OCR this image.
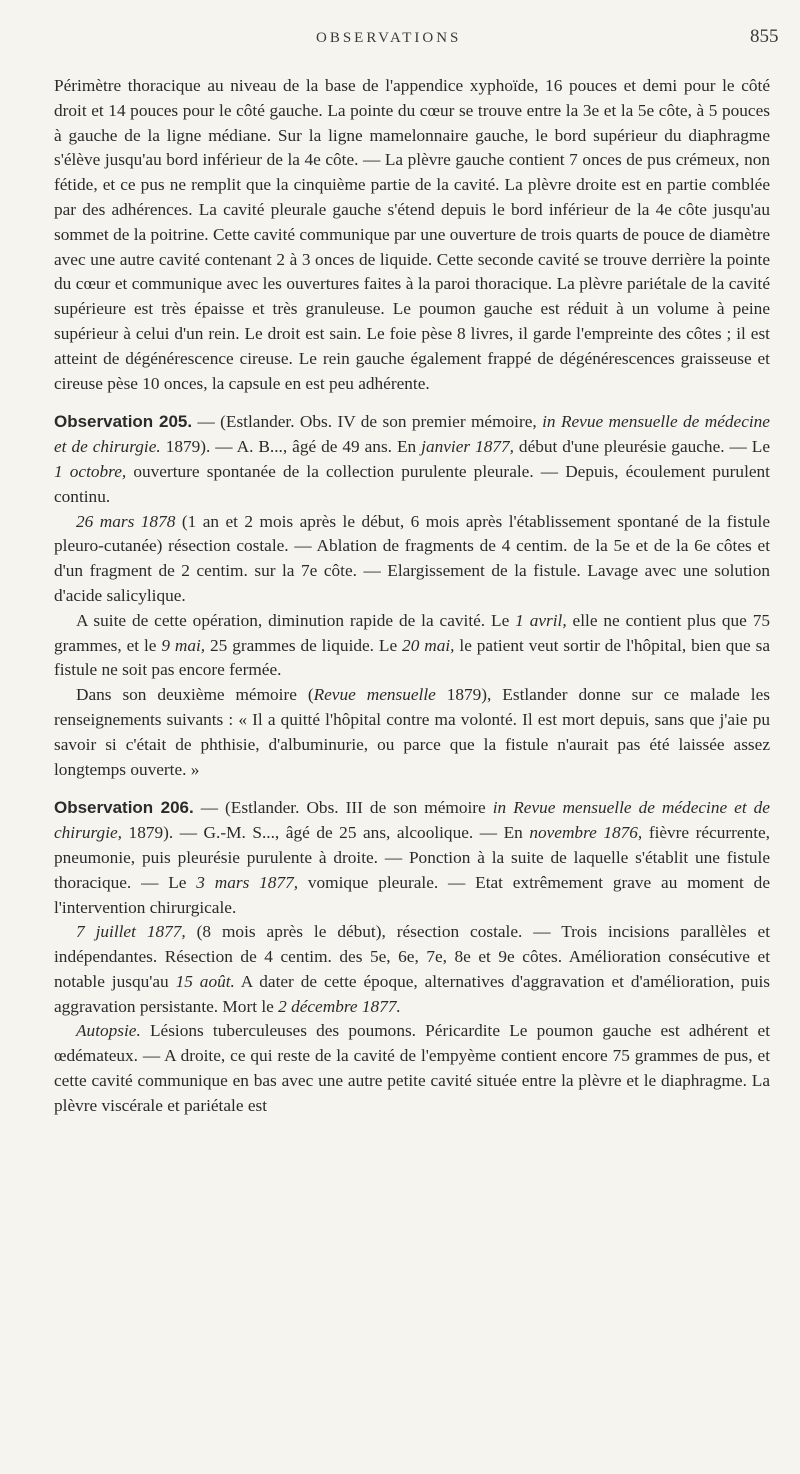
OBSERVATIONS	855

Périmètre thoracique au niveau de la base de l'appendice xyphoïde, 16 pouces et demi pour le côté droit et 14 pouces pour le côté gauche. La pointe du cœur se trouve entre la 3e et la 5e côte, à 5 pouces à gauche de la ligne médiane. Sur la ligne mamelonnaire gauche, le bord supérieur du diaphragme s'élève jusqu'au bord inférieur de la 4e côte. — La plèvre gauche contient 7 onces de pus crémeux, non fétide, et ce pus ne remplit que la cinquième partie de la cavité. La plèvre droite est en partie comblée par des adhérences. La cavité pleurale gauche s'étend depuis le bord inférieur de la 4e côte jusqu'au sommet de la poitrine. Cette cavité communique par une ouverture de trois quarts de pouce de diamètre avec une autre cavité contenant 2 à 3 onces de liquide. Cette seconde cavité se trouve derrière la pointe du cœur et communique avec les ouvertures faites à la paroi thoracique. La plèvre pariétale de la cavité supérieure est très épaisse et très granuleuse. Le poumon gauche est réduit à un volume à peine supérieur à celui d'un rein. Le droit est sain. Le foie pèse 8 livres, il garde l'empreinte des côtes ; il est atteint de dégénérescence cireuse. Le rein gauche également frappé de dégénérescences graisseuse et cireuse pèse 10 onces, la capsule en est peu adhérente.

Observation 205. — (Estlander. Obs. IV de son premier mémoire, in Revue mensuelle de médecine et de chirurgie. 1879). — A. B..., âgé de 49 ans. En janvier 1877, début d'une pleurésie gauche. — Le 1 octobre, ouverture spontanée de la collection purulente pleurale. — Depuis, écoulement purulent continu.

26 mars 1878 (1 an et 2 mois après le début, 6 mois après l'établissement spontané de la fistule pleuro-cutanée) résection costale. — Ablation de fragments de 4 centim. de la 5e et de la 6e côtes et d'un fragment de 2 centim. sur la 7e côte. — Elargissement de la fistule. Lavage avec une solution d'acide salicylique.

A suite de cette opération, diminution rapide de la cavité. Le 1 avril, elle ne contient plus que 75 grammes, et le 9 mai, 25 grammes de liquide. Le 20 mai, le patient veut sortir de l'hôpital, bien que sa fistule ne soit pas encore fermée.

Dans son deuxième mémoire (Revue mensuelle 1879), Estlander donne sur ce malade les renseignements suivants : « Il a quitté l'hôpital contre ma volonté. Il est mort depuis, sans que j'aie pu savoir si c'était de phthisie, d'albuminurie, ou parce que la fistule n'aurait pas été laissée assez longtemps ouverte. »

Observation 206. — (Estlander. Obs. III de son mémoire in Revue mensuelle de médecine et de chirurgie, 1879). — G.-M. S..., âgé de 25 ans, alcoolique. — En novembre 1876, fièvre récurrente, pneumonie, puis pleurésie purulente à droite. — Ponction à la suite de laquelle s'établit une fistule thoracique. — Le 3 mars 1877, vomique pleurale. — Etat extrêmement grave au moment de l'intervention chirurgicale.

7 juillet 1877, (8 mois après le début), résection costale. — Trois incisions parallèles et indépendantes. Résection de 4 centim. des 5e, 6e, 7e, 8e et 9e côtes. Amélioration consécutive et notable jusqu'au 15 août. A dater de cette époque, alternatives d'aggravation et d'amélioration, puis aggravation persistante. Mort le 2 décembre 1877.

Autopsie. Lésions tuberculeuses des poumons. Péricardite Le poumon gauche est adhérent et œdémateux. — A droite, ce qui reste de la cavité de l'empyème contient encore 75 grammes de pus, et cette cavité communique en bas avec une autre petite cavité située entre la plèvre et le diaphragme. La plèvre viscérale et pariétale est
